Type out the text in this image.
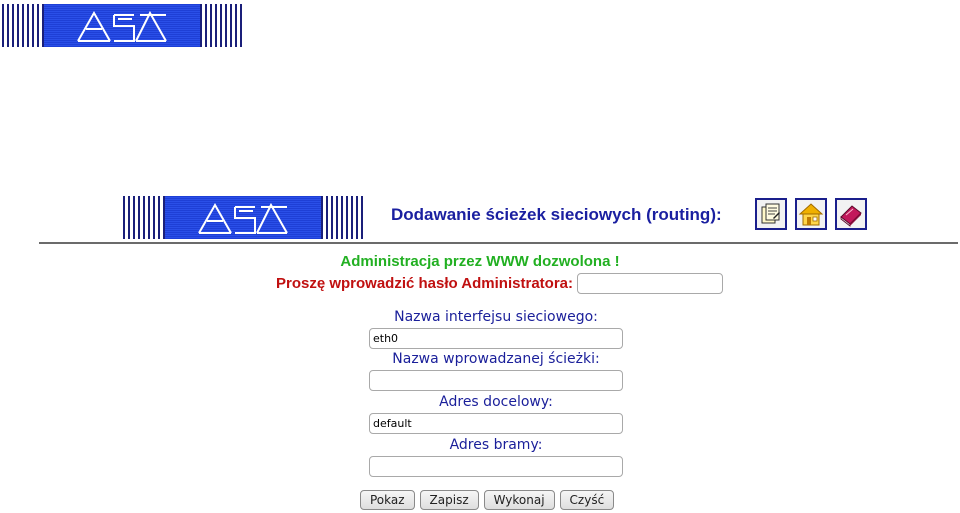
Dodawanie ścieżek sieciowych (routing):
Administracja przez WWW dozwolona !
Proszę wprowadzić hasło Administratora:
Nazwa interfejsu sieciowego:
eth0
Nazwa wprowadzanej ścieżki:
Adres docelowy:
default
Adres bramy:
Pokaz	Zapisz	Wykonaj	Czyść
